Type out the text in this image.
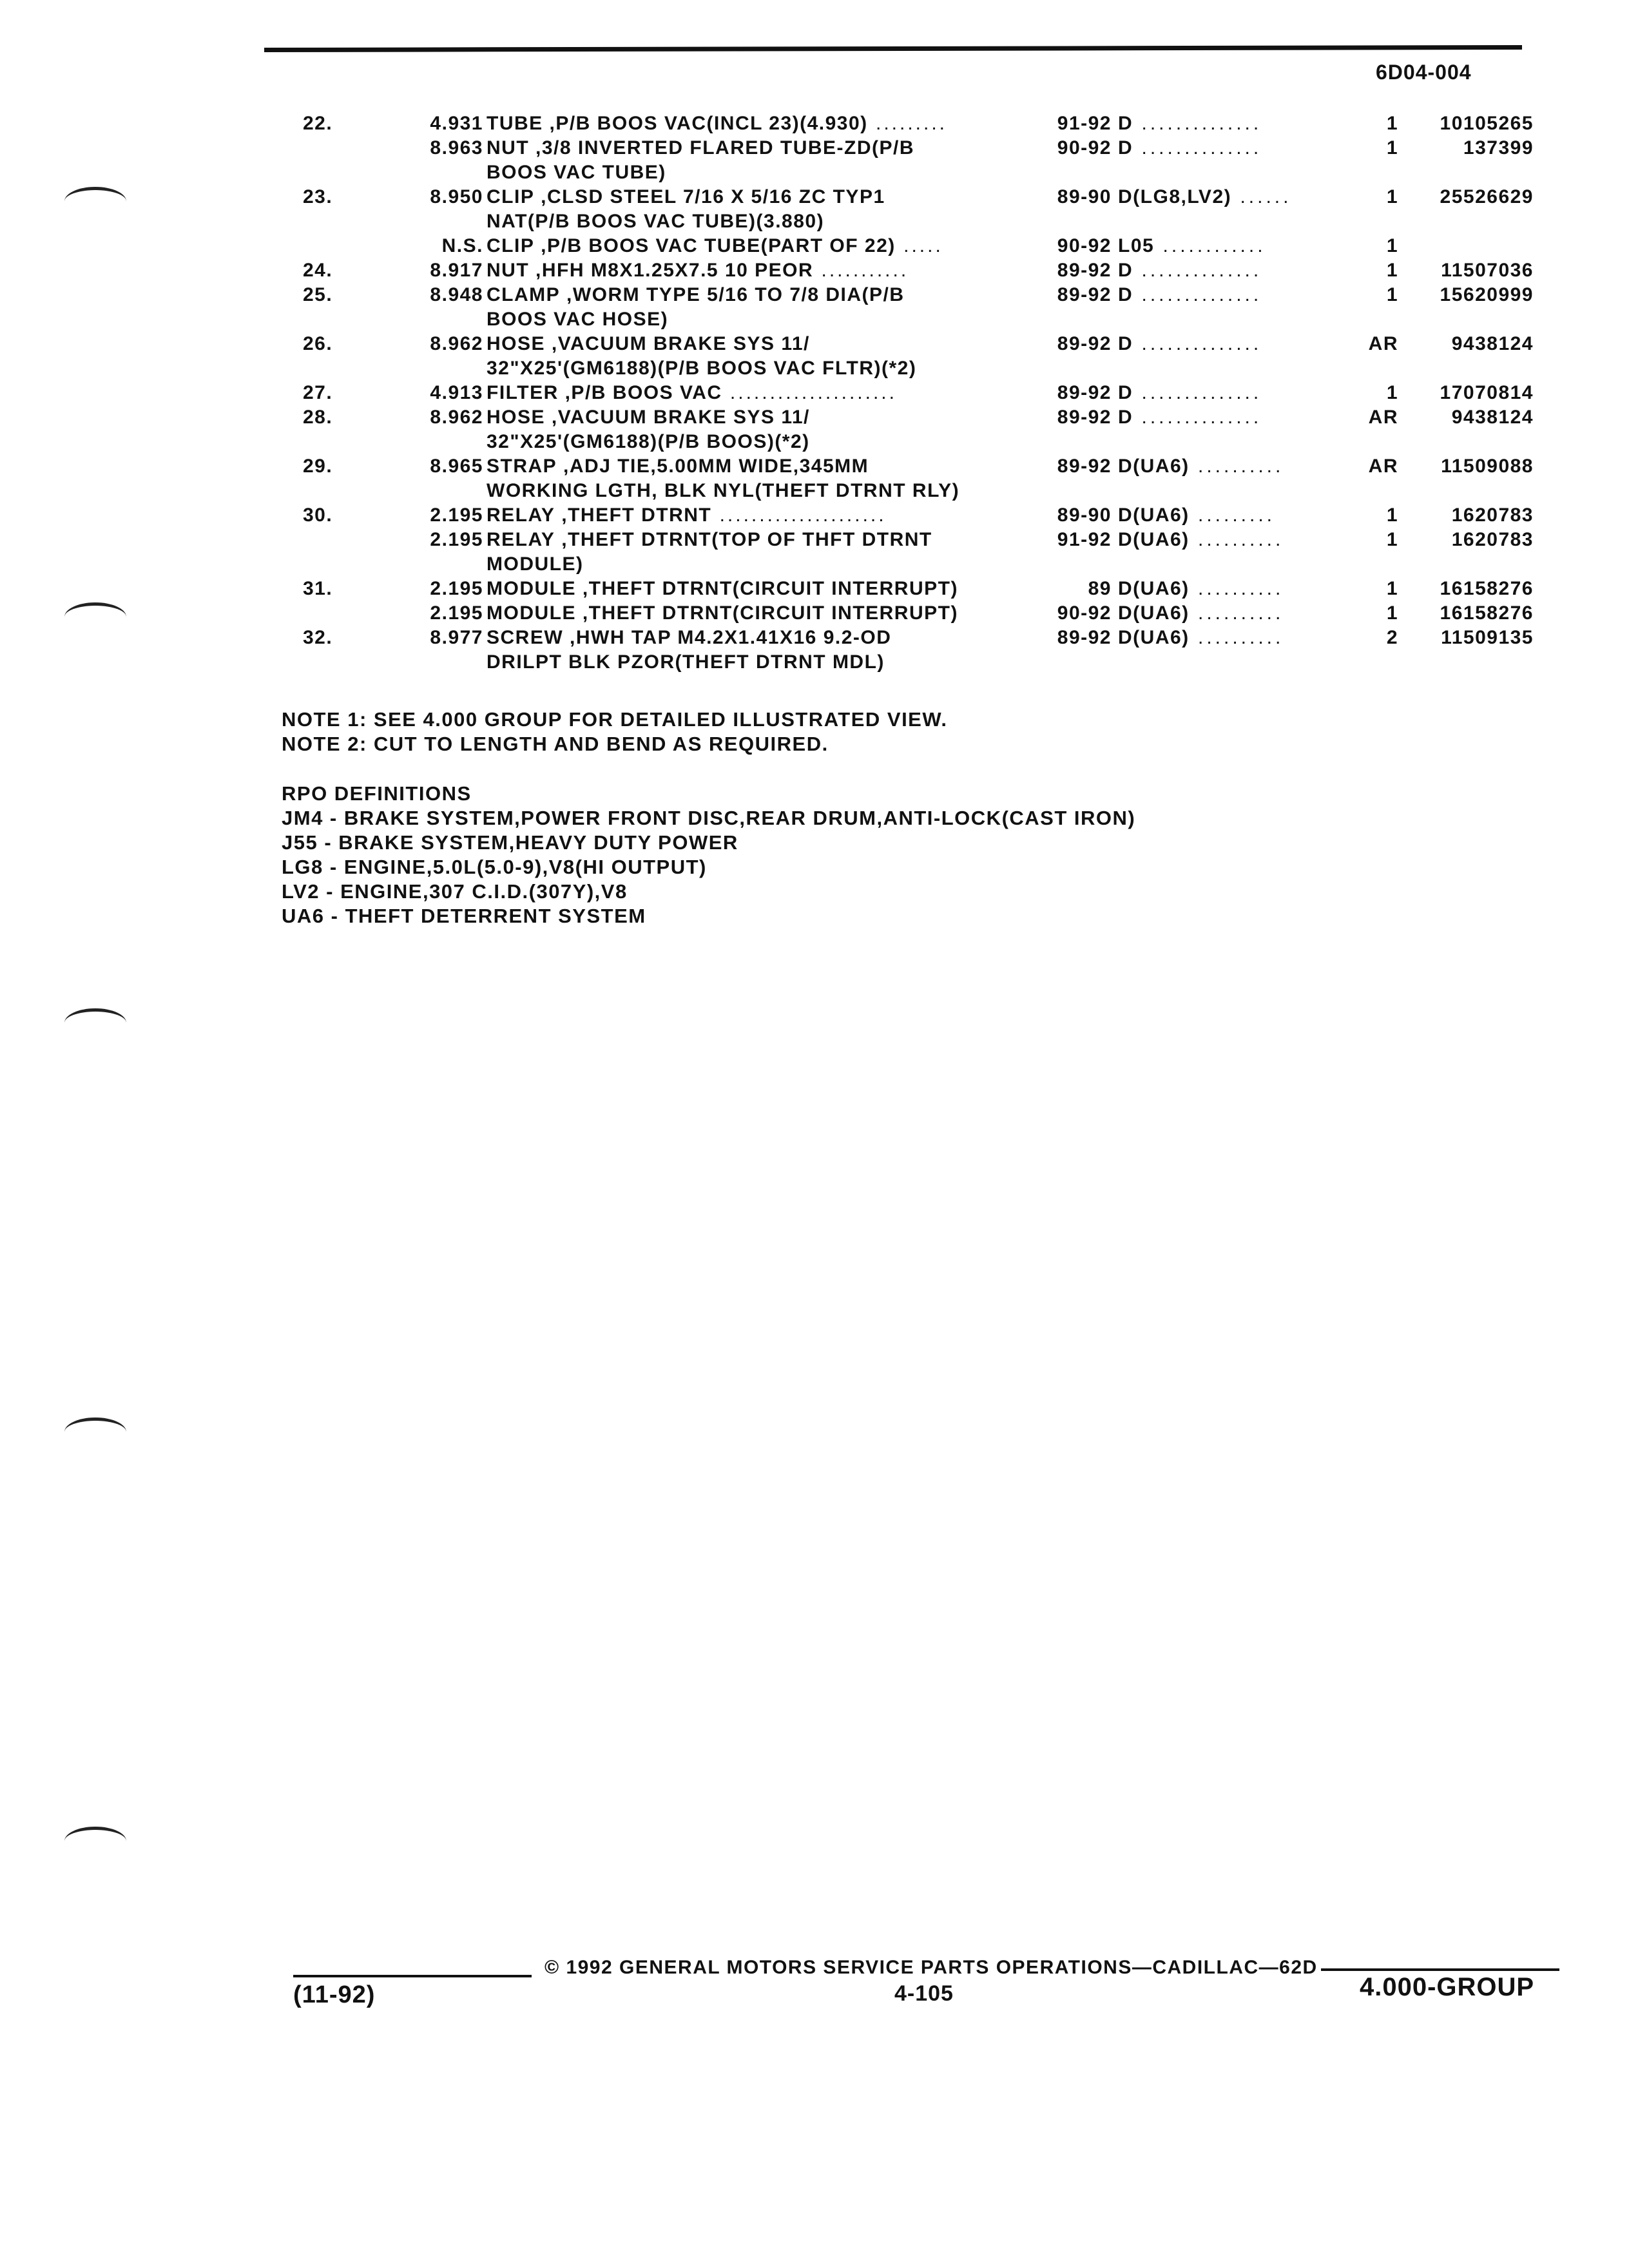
6D04-004
22.	4.931 TUBE ,P/B BOOS VAC(INCL 23)(4.930) .........	91-92 D ..............	1	10105265
8.963 NUT ,3/8 INVERTED FLARED TUBE-ZD(P/B	90-92 D ..............	1	137399
BOOS VAC TUBE)
23.	8.950 CLIP ,CLSD STEEL 7/16 X 5/16 ZC TYP1	89-90 D(LG8,LV2) ......	1	25526629
NAT(P/B BOOS VAC TUBE)(3.880)
N.S. CLIP ,P/B BOOS VAC TUBE(PART OF 22) .....	90-92 L05 ............	1
24.	8.917 NUT ,HFH M8X1.25X7.5 10 PEOR ...........	89-92 D ..............	1	11507036
25.	8.948 CLAMP ,WORM TYPE 5/16 TO 7/8 DIA(P/B	89-92 D ..............	1	15620999
BOOS VAC HOSE)
26.	8.962 HOSE ,VACUUM BRAKE SYS 11/	89-92 D ..............	AR	9438124
32"X25'(GM6188)(P/B BOOS VAC FLTR)(*2)
27.	4.913 FILTER ,P/B BOOS VAC .....................	89-92 D ..............	1	17070814
28.	8.962 HOSE ,VACUUM BRAKE SYS 11/	89-92 D ..............	AR	9438124
32"X25'(GM6188)(P/B BOOS)(*2)
29.	8.965 STRAP ,ADJ TIE,5.00MM WIDE,345MM	89-92 D(UA6) ..........	AR	11509088
WORKING LGTH, BLK NYL(THEFT DTRNT RLY)
30.	2.195 RELAY ,THEFT DTRNT .....................	89-90 D(UA6) .........	1	1620783
2.195 RELAY ,THEFT DTRNT(TOP OF THFT DTRNT	91-92 D(UA6) ..........	1	1620783
MODULE)
31.	2.195 MODULE ,THEFT DTRNT(CIRCUIT INTERRUPT)	89 D(UA6) ..........	1	16158276
2.195 MODULE ,THEFT DTRNT(CIRCUIT INTERRUPT)	90-92 D(UA6) ..........	1	16158276
32.	8.977 SCREW ,HWH TAP M4.2X1.41X16 9.2-OD	89-92 D(UA6) ..........	2	11509135
DRILPT BLK PZOR(THEFT DTRNT MDL)
NOTE 1: SEE 4.000 GROUP FOR DETAILED ILLUSTRATED VIEW.
NOTE 2: CUT TO LENGTH AND BEND AS REQUIRED.
RPO DEFINITIONS
JM4 - BRAKE SYSTEM,POWER FRONT DISC,REAR DRUM,ANTI-LOCK(CAST IRON)
J55 - BRAKE SYSTEM,HEAVY DUTY POWER
LG8 - ENGINE,5.0L(5.0-9),V8(HI OUTPUT)
LV2 - ENGINE,307 C.I.D.(307Y),V8
UA6 - THEFT DETERRENT SYSTEM
© 1992 GENERAL MOTORS SERVICE PARTS OPERATIONS—CADILLAC—62D
(11-92)	4-105	4.000-GROUP
